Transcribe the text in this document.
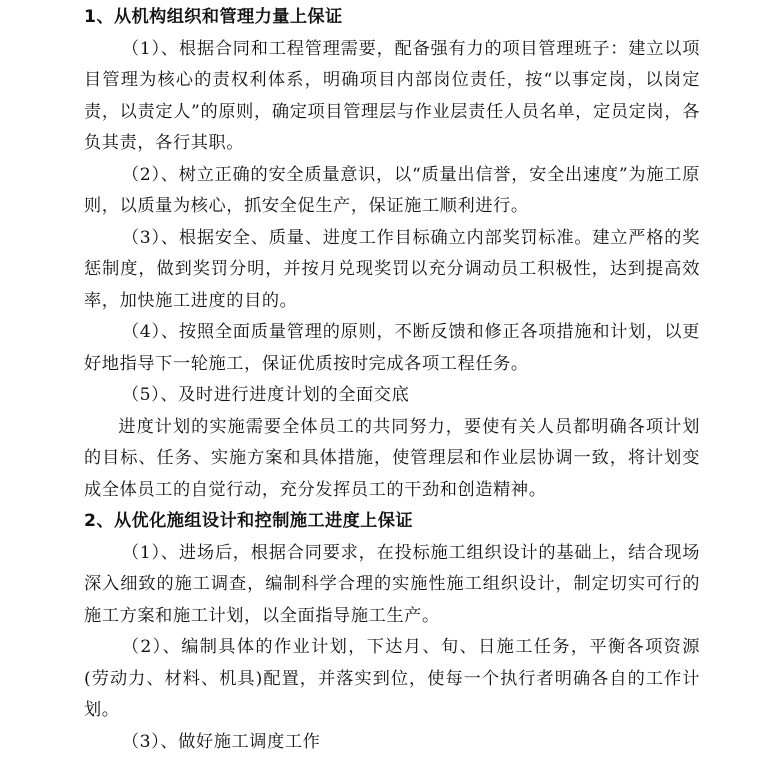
1、从机构组织和管理力量上保证

（1）、根据合同和工程管理需要，配备强有力的项目管理班子：建立以项目管理为核心的责权利体系，明确项目内部岗位责任，按“以事定岗，以岗定责，以责定人”的原则，确定项目管理层与作业层责任人员名单，定员定岗，各负其责，各行其职。

（2）、树立正确的安全质量意识，以“质量出信誉，安全出速度”为施工原则，以质量为核心，抓安全促生产，保证施工顺利进行。

（3）、根据安全、质量、进度工作目标确立内部奖罚标准。建立严格的奖惩制度，做到奖罚分明，并按月兑现奖罚以充分调动员工积极性，达到提高效率，加快施工进度的目的。

（4）、按照全面质量管理的原则，不断反馈和修正各项措施和计划，以更好地指导下一轮施工，保证优质按时完成各项工程任务。

（5）、及时进行进度计划的全面交底

进度计划的实施需要全体员工的共同努力，要使有关人员都明确各项计划的目标、任务、实施方案和具体措施，使管理层和作业层协调一致，将计划变成全体员工的自觉行动，充分发挥员工的干劲和创造精神。

2、从优化施组设计和控制施工进度上保证

（1）、进场后，根据合同要求，在投标施工组织设计的基础上，结合现场深入细致的施工调查，编制科学合理的实施性施工组织设计，制定切实可行的施工方案和施工计划，以全面指导施工生产。

（2）、编制具体的作业计划，下达月、旬、日施工任务，平衡各项资源(劳动力、材料、机具)配置，并落实到位，使每一个执行者明确各自的工作计划。

（3）、做好施工调度工作
